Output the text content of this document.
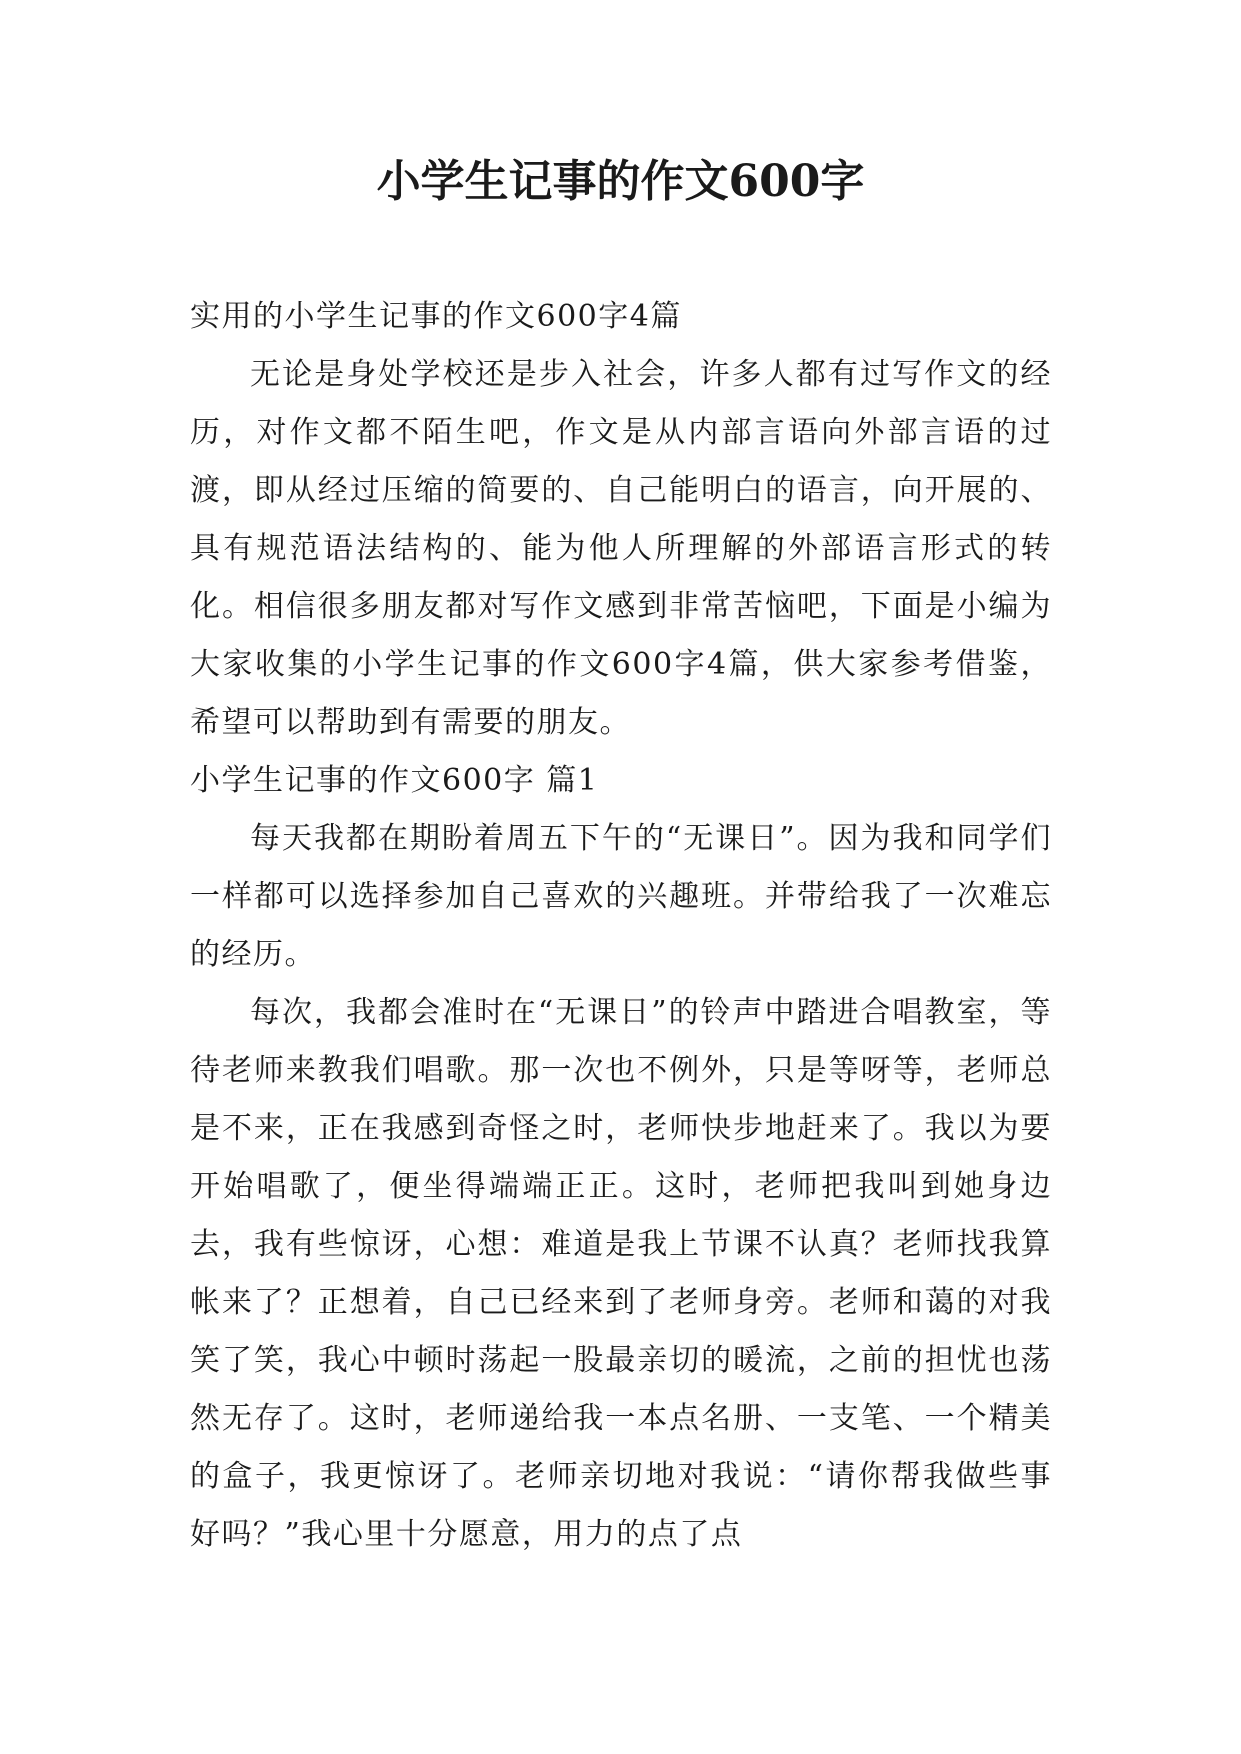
小学生记事的作文600字

实用的小学生记事的作文600字4篇

无论是身处学校还是步入社会，许多人都有过写作文的经历，对作文都不陌生吧，作文是从内部言语向外部言语的过渡，即从经过压缩的简要的、自己能明白的语言，向开展的、具有规范语法结构的、能为他人所理解的外部语言形式的转化。相信很多朋友都对写作文感到非常苦恼吧，下面是小编为大家收集的小学生记事的作文600字4篇，供大家参考借鉴，希望可以帮助到有需要的朋友。

小学生记事的作文600字 篇1

每天我都在期盼着周五下午的“无课日”。因为我和同学们一样都可以选择参加自己喜欢的兴趣班。并带给我了一次难忘的经历。

每次，我都会准时在“无课日”的铃声中踏进合唱教室，等待老师来教我们唱歌。那一次也不例外，只是等呀等，老师总是不来，正在我感到奇怪之时，老师快步地赶来了。我以为要开始唱歌了，便坐得端端正正。这时，老师把我叫到她身边去，我有些惊讶，心想：难道是我上节课不认真？老师找我算帐来了？正想着，自己已经来到了老师身旁。老师和蔼的对我笑了笑，我心中顿时荡起一股最亲切的暖流，之前的担忧也荡然无存了。这时，老师递给我一本点名册、一支笔、一个精美的盒子，我更惊讶了。老师亲切地对我说：“请你帮我做些事好吗？”我心里十分愿意，用力的点了点
